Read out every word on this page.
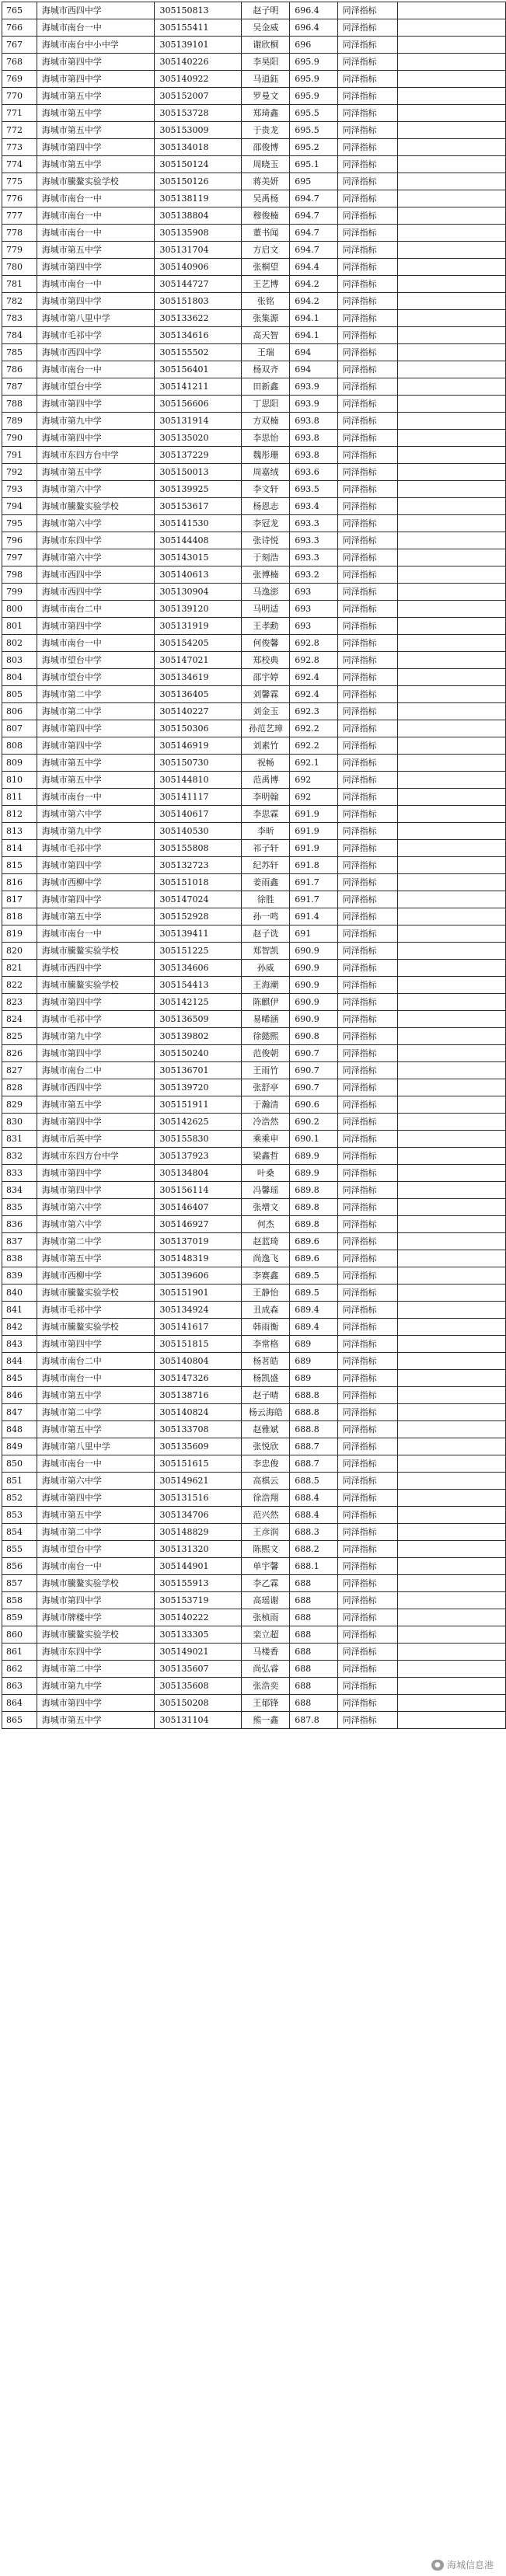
765	海城市西四中学	305150813	赵子明	696.4	同泽指标	
766	海城市南台一中	305155411	吴金威	696.4	同泽指标	
767	海城市南台中小中学	305139101	谢欣桐	696	同泽指标	
768	海城市第四中学	305140226	李昊阳	695.9	同泽指标	
769	海城市第四中学	305140922	马逍鈺	695.9	同泽指标	
770	海城市第五中学	305152007	罗曼文	695.9	同泽指标	
771	海城市第五中学	305153728	郑琦鑫	695.5	同泽指标	
772	海城市第五中学	305153009	于贵龙	695.5	同泽指标	
773	海城市第四中学	305134018	邵俊博	695.2	同泽指标	
774	海城市第五中学	305150124	周晓玉	695.1	同泽指标	
775	海城市騰鳌实验学校	305150126	蒋美妍	695	同泽指标	
776	海城市南台一中	305138119	吴禹杨	694.7	同泽指标	
777	海城市南台一中	305138804	穆俊楠	694.7	同泽指标	
778	海城市南台一中	305135908	董书闻	694.7	同泽指标	
779	海城市第五中学	305131704	方启文	694.7	同泽指标	
780	海城市第四中学	305140906	张桐望	694.4	同泽指标	
781	海城市南台一中	305144727	王艺博	694.2	同泽指标	
782	海城市第四中学	305151803	张铭	694.2	同泽指标	
783	海城市第八里中学	305133622	张集源	694.1	同泽指标	
784	海城市毛祁中学	305134616	高天智	694.1	同泽指标	
785	海城市西四中学	305155502	王瑞	694	同泽指标	
786	海城市南台一中	305156401	杨双齐	694	同泽指标	
787	海城市望台中学	305141211	田新鑫	693.9	同泽指标	
788	海城市第四中学	305156606	丁思阳	693.9	同泽指标	
789	海城市第九中学	305131914	方双楠	693.8	同泽指标	
790	海城市第四中学	305135020	李思怡	693.8	同泽指标	
791	海城市东四方台中学	305137229	魏彤珊	693.8	同泽指标	
792	海城市第五中学	305150013	周嘉绒	693.6	同泽指标	
793	海城市第六中学	305139925	李文轩	693.5	同泽指标	
794	海城市騰鳌实验学校	305153617	杨恩志	693.4	同泽指标	
795	海城市第六中学	305141530	李冠龙	693.3	同泽指标	
796	海城市东四中学	305144408	张诗悦	693.3	同泽指标	
797	海城市第六中学	305143015	于刻浩	693.3	同泽指标	
798	海城市西四中学	305140613	张博楠	693.2	同泽指标	
799	海城市西四中学	305130904	马逸澎	693	同泽指标	
800	海城市南台二中	305139120	马明适	693	同泽指标	
801	海城市第四中学	305131919	王孝勳	693	同泽指标	
802	海城市南台一中	305154205	何俊馨	692.8	同泽指标	
803	海城市望台中学	305147021	郑校典	692.8	同泽指标	
804	海城市望台中学	305134619	邵宇婷	692.4	同泽指标	
805	海城市第二中学	305136405	刘馨霖	692.4	同泽指标	
806	海城市第二中学	305140227	刘金玉	692.3	同泽指标	
807	海城市第四中学	305150306	孙范艺璋	692.2	同泽指标	
808	海城市第四中学	305146919	刘素竹	692.2	同泽指标	
809	海城市第五中学	305150730	祝畅	692.1	同泽指标	
810	海城市第五中学	305144810	范禹博	692	同泽指标	
811	海城市南台一中	305141117	李明翰	692	同泽指标	
812	海城市第六中学	305140617	李思霖	691.9	同泽指标	
813	海城市第九中学	305140530	李昕	691.9	同泽指标	
814	海城市毛祁中学	305155808	祁子轩	691.9	同泽指标	
815	海城市第四中学	305132723	纪苏轩	691.8	同泽指标	
816	海城市西柳中学	305151018	姜雨鑫	691.7	同泽指标	
817	海城市第四中学	305147024	徐胜	691.7	同泽指标	
818	海城市第五中学	305152928	孙一鸣	691.4	同泽指标	
819	海城市南台一中	305139411	赵子诜	691	同泽指标	
820	海城市騰鳌实验学校	305151225	郑智凯	690.9	同泽指标	
821	海城市西四中学	305134606	孙威	690.9	同泽指标	
822	海城市騰鳌实验学校	305154413	王海潮	690.9	同泽指标	
823	海城市第四中学	305142125	陈麒伊	690.9	同泽指标	
824	海城市毛祁中学	305136509	易晞涵	690.9	同泽指标	
825	海城市第九中学	305139802	徐懿熙	690.8	同泽指标	
826	海城市第四中学	305150240	范俊朝	690.7	同泽指标	
827	海城市南台二中	305136701	王雨竹	690.7	同泽指标	
828	海城市西四中学	305139720	张舒亭	690.7	同泽指标	
829	海城市第五中学	305151911	于瀚清	690.6	同泽指标	
830	海城市第四中学	305142625	冷浩然	690.2	同泽指标	
831	海城市后英中学	305155830	乘乘申	690.1	同泽指标	
832	海城市东四方台中学	305137923	梁鑫哲	689.9	同泽指标	
833	海城市第四中学	305134804	叶桑	689.9	同泽指标	
834	海城市第四中学	305156114	冯馨瑶	689.8	同泽指标	
835	海城市第六中学	305146407	张增文	689.8	同泽指标	
836	海城市第六中学	305146927	何杰	689.8	同泽指标	
837	海城市第二中学	305137019	赵蓝琦	689.6	同泽指标	
838	海城市第五中学	305148319	尚逸飞	689.6	同泽指标	
839	海城市西柳中学	305139606	李赛鑫	689.5	同泽指标	
840	海城市騰鳌实验学校	305151901	王静怡	689.5	同泽指标	
841	海城市毛祁中学	305134924	丑成森	689.4	同泽指标	
842	海城市騰鳌实验学校	305141617	韩雨衡	689.4	同泽指标	
843	海城市第四中学	305151815	李常格	689	同泽指标	
844	海城市南台二中	305140804	杨茗皓	689	同泽指标	
845	海城市南台一中	305147326	杨凯盛	689	同泽指标	
846	海城市第五中学	305138716	赵子晴	688.8	同泽指标	
847	海城市第二中学	305140824	杨云海皓	688.8	同泽指标	
848	海城市第五中学	305133708	赵雅斌	688.8	同泽指标	
849	海城市第八里中学	305135609	张悦欣	688.7	同泽指标	
850	海城市南台一中	305151615	李忠俊	688.7	同泽指标	
851	海城市第六中学	305149621	高棋云	688.5	同泽指标	
852	海城市第四中学	305131516	徐浩翔	688.4	同泽指标	
853	海城市第五中学	305134706	范兴然	688.4	同泽指标	
854	海城市第二中学	305148829	王彦润	688.3	同泽指标	
855	海城市望台中学	305131320	陈熙文	688.2	同泽指标	
856	海城市南台一中	305144901	单宇馨	688.1	同泽指标	
857	海城市騰鳌实验学校	305155913	李乙霖	688	同泽指标	
858	海城市第四中学	305153719	高瑶谢	688	同泽指标	
859	海城市牌楼中学	305140222	张桢雨	688	同泽指标	
860	海城市騰鳌实验学校	305133305	栾立超	688	同泽指标	
861	海城市东四中学	305149021	马楼香	688	同泽指标	
862	海城市第二中学	305135607	尚弘睿	688	同泽指标	
863	海城市第九中学	305135608	张浩奕	688	同泽指标	
864	海城市第四中学	305150208	王郁锋	688	同泽指标	
865	海城市第五中学	305131104	熊一鑫	687.8	同泽指标	
● 海城信息港
